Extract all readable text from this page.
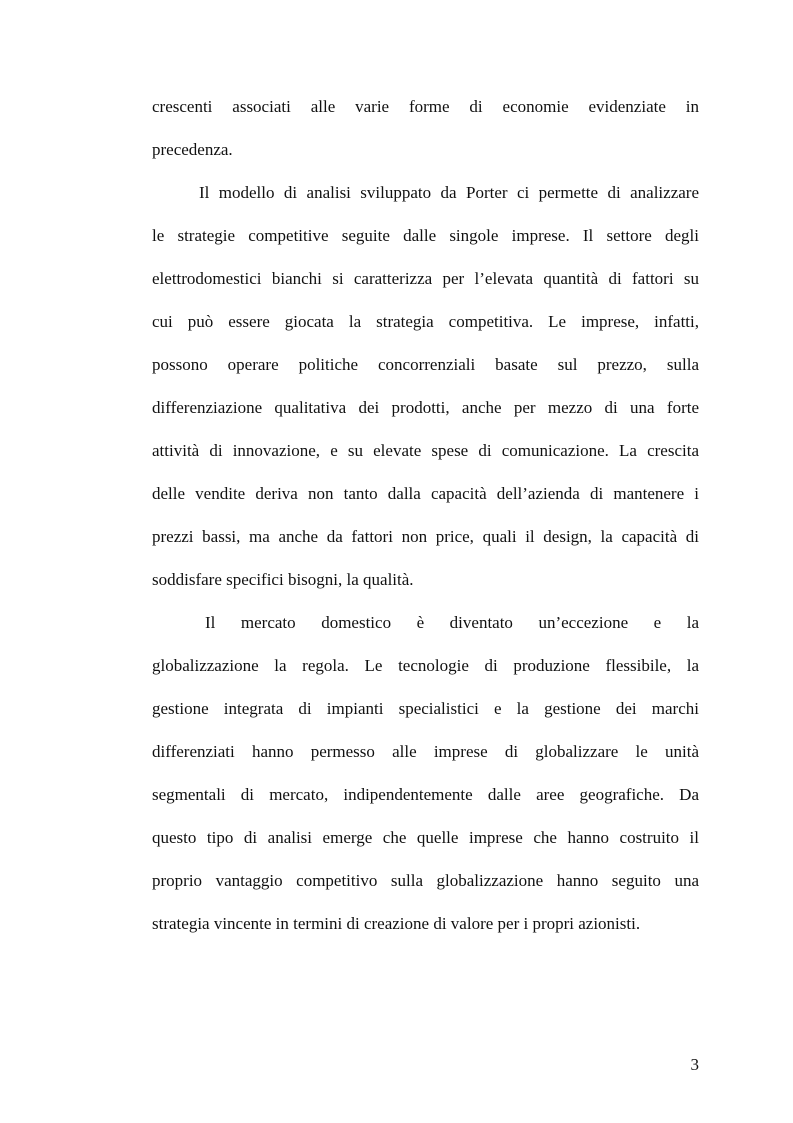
crescenti associati alle varie forme di economie evidenziate in
precedenza.
Il modello di analisi sviluppato da Porter ci permette di analizzare
le strategie competitive seguite dalle singole imprese. Il settore degli
elettrodomestici bianchi si caratterizza per l’elevata quantità di fattori su
cui può essere giocata la strategia competitiva. Le imprese, infatti,
possono operare politiche concorrenziali basate sul prezzo, sulla
differenziazione qualitativa dei prodotti, anche per mezzo di una forte
attività di innovazione, e su elevate spese di comunicazione. La crescita
delle vendite deriva non tanto dalla capacità dell’azienda di mantenere i
prezzi bassi, ma anche da fattori non price, quali il design, la capacità di
soddisfare specifici bisogni, la qualità.
Il mercato domestico è diventato un’eccezione e la
globalizzazione la regola. Le tecnologie di produzione flessibile, la
gestione integrata di impianti specialistici e la gestione dei marchi
differenziati hanno permesso alle imprese di globalizzare le unità
segmentali di mercato, indipendentemente dalle aree geografiche. Da
questo tipo di analisi emerge che quelle imprese che hanno costruito il
proprio vantaggio competitivo sulla globalizzazione hanno seguito una
strategia vincente in termini di creazione di valore per i propri azionisti.
3
